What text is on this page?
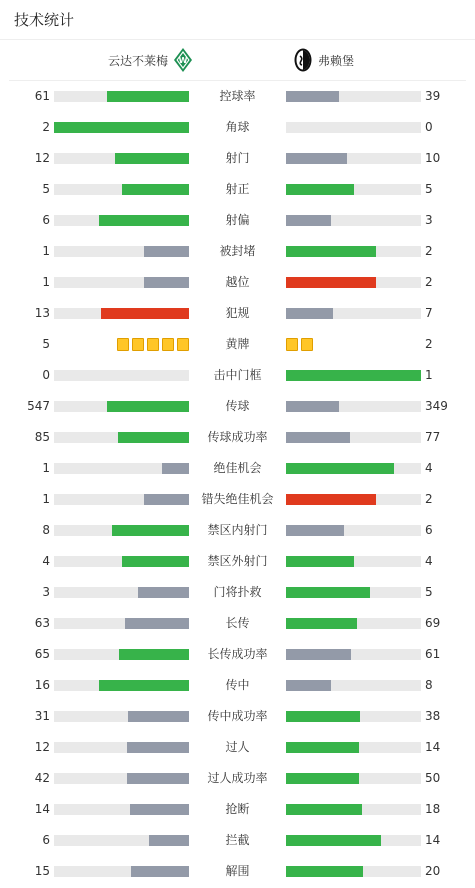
技术统计
云达不莱梅 W	弗赖堡
61	控球率	39
2	角球	0
12	射门	10
5	射正	5
6	射偏	3
1	被封堵	2
1	越位	2
13	犯规	7
5	黄牌	2
0	击中门框	1
547	传球	349
85	传球成功率	77
1	绝佳机会	4
1	错失绝佳机会	2
8	禁区内射门	6
4	禁区外射门	4
3	门将扑救	5
63	长传	69
65	长传成功率	61
16	传中	8
31	传中成功率	38
12	过人	14
42	过人成功率	50
14	抢断	18
6	拦截	14
15	解围	20
